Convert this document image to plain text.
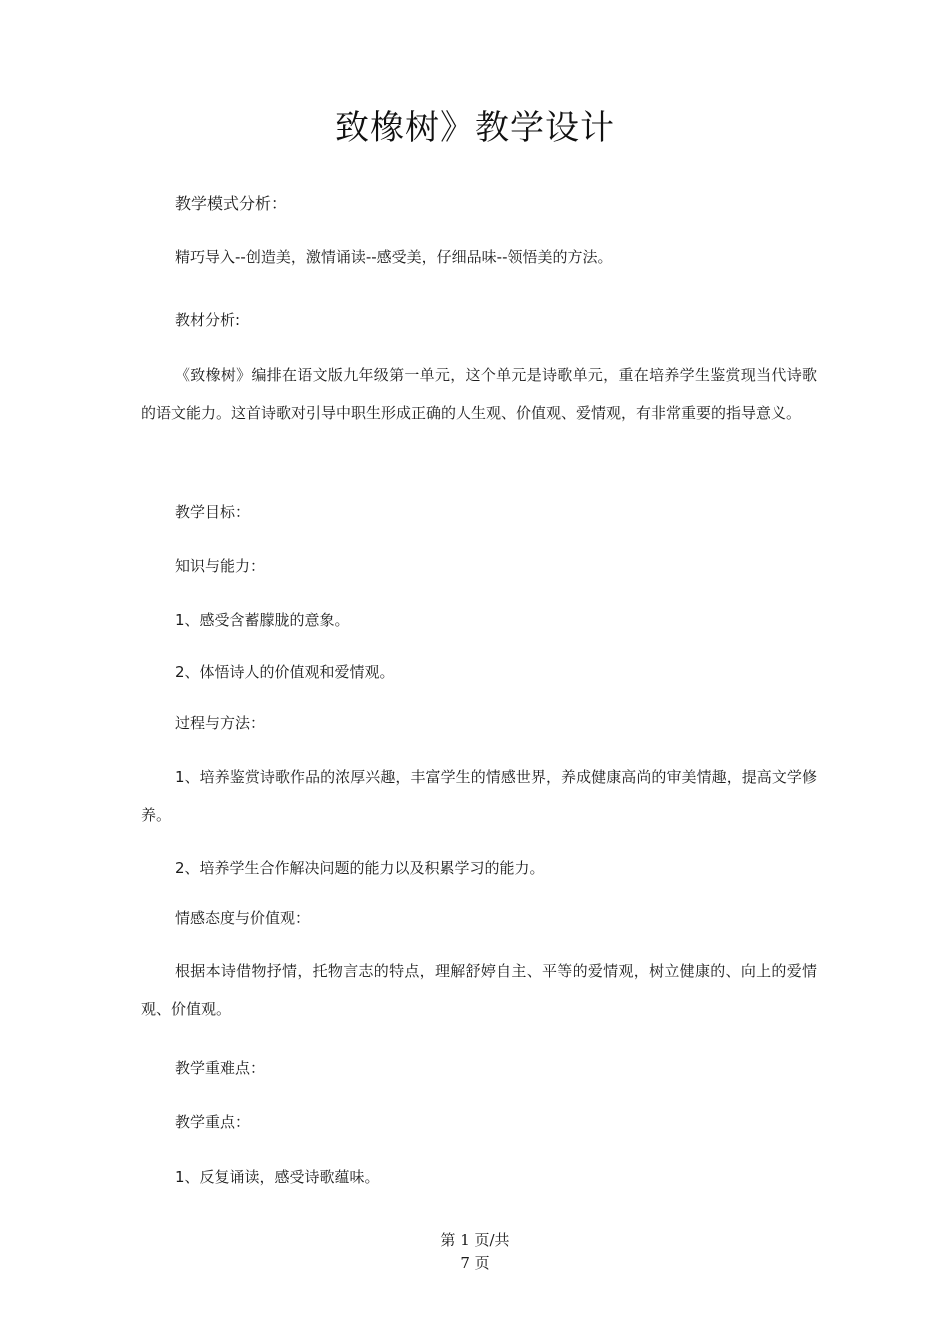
致橡树》教学设计
教学模式分析：
精巧导入--创造美，激情诵读--感受美，仔细品味--领悟美的方法。
教材分析:
《致橡树》编排在语文版九年级第一单元，这个单元是诗歌单元，重在培养学生鉴赏现当代诗歌的语文能力。这首诗歌对引导中职生形成正确的人生观、价值观、爱情观，有非常重要的指导意义。
教学目标：
知识与能力：
1、感受含蓄朦胧的意象。
2、体悟诗人的价值观和爱情观。
过程与方法：
1、培养鉴赏诗歌作品的浓厚兴趣，丰富学生的情感世界，养成健康高尚的审美情趣，提高文学修养。
2、培养学生合作解决问题的能力以及积累学习的能力。
情感态度与价值观：
根据本诗借物抒情，托物言志的特点，理解舒婷自主、平等的爱情观，树立健康的、向上的爱情观、价值观。
教学重难点：
教学重点：
1、反复诵读，感受诗歌蕴味。
第 1 页/共
7 页
